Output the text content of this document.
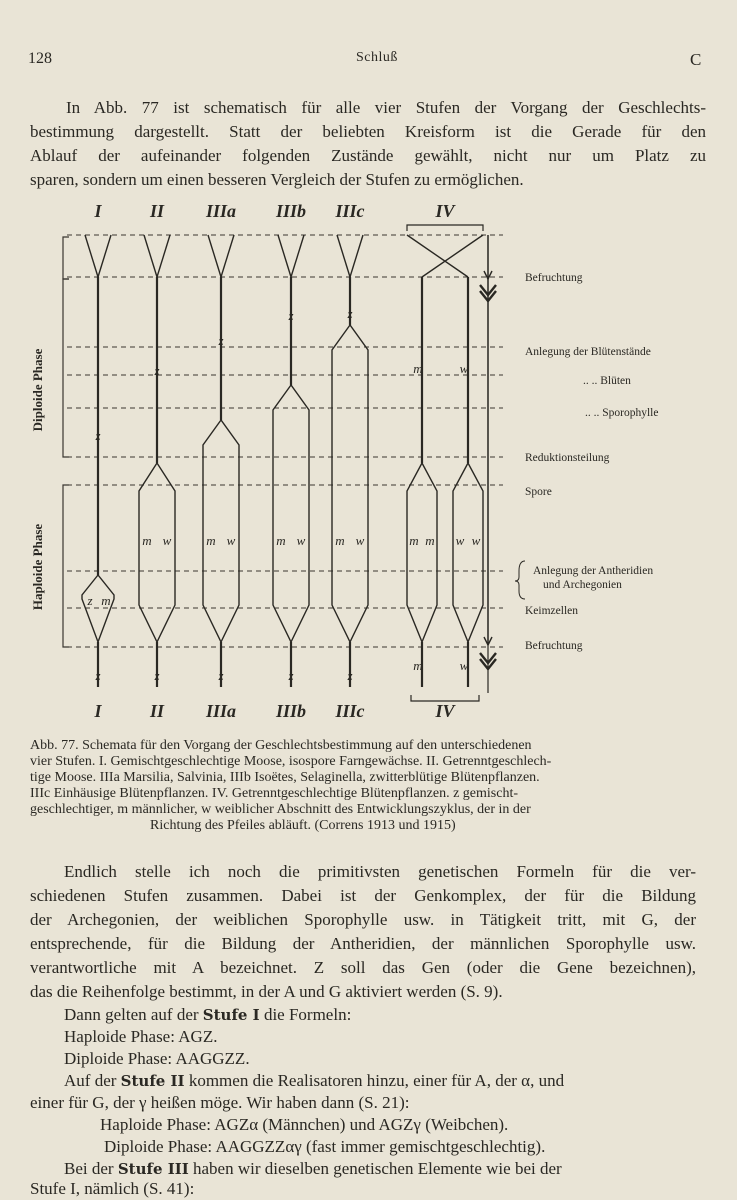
128	Schluß	C
In Abb. 77 ist schematisch für alle vier Stufen der Vorgang der Geschlechts-
bestimmung dargestellt. Statt der beliebten Kreisform ist die Gerade für den
Ablauf der aufeinander folgenden Zustände gewählt, nicht nur um Platz zu
sparen, sondern um einen besseren Vergleich der Stufen zu ermöglichen.
z
z m
z
z
m w
z
z
m w
z
z
m w
z
z
m w
z
m	w
m m w w
m	w
I
I
II
II
IIIa
IIIa
IIIb
IIIb
IIIc
IIIc
IV
IV
Diploide Phase
Haploide Phase
Befruchtung
Anlegung der Blütenstände
.. .. Blüten
.. .. Sporophylle
Reduktionsteilung
Spore
Anlegung der Antheridien
und Archegonien
Keimzellen
Befruchtung
Abb. 77. Schemata für den Vorgang der Geschlechtsbestimmung auf den unterschiedenen
vier Stufen. I. Gemischtgeschlechtige Moose, isospore Farngewächse. II. Getrenntgeschlech-
tige Moose. IIIa Marsilia, Salvinia, IIIb Isoëtes, Selaginella, zwitterblütige Blütenpflanzen.
IIIc Einhäusige Blütenpflanzen. IV. Getrenntgeschlechtige Blütenpflanzen. z gemischt-
geschlechtiger, m männlicher, w weiblicher Abschnitt des Entwicklungszyklus, der in der
Richtung des Pfeiles abläuft. (Correns 1913 und 1915)
Endlich stelle ich noch die primitivsten genetischen Formeln für die ver-
schiedenen Stufen zusammen. Dabei ist der Genkomplex, der für die Bildung
der Archegonien, der weiblichen Sporophylle usw. in Tätigkeit tritt, mit G, der
entsprechende, für die Bildung der Antheridien, der männlichen Sporophylle usw.
verantwortliche mit A bezeichnet. Z soll das Gen (oder die Gene bezeichnen),
das die Reihenfolge bestimmt, in der A und G aktiviert werden (S. 9).
Dann gelten auf der Stufe I die Formeln:
Haploide Phase: AGZ.
Diploide Phase: AAGGZZ.
Auf der Stufe II kommen die Realisatoren hinzu, einer für A, der α, und
einer für G, der γ heißen möge. Wir haben dann (S. 21):
Haploide Phase: AGZα (Männchen) und AGZγ (Weibchen).
Diploide Phase: AAGGZZαγ (fast immer gemischtgeschlechtig).
Bei der Stufe III haben wir dieselben genetischen Elemente wie bei der
Stufe I, nämlich (S. 41):
